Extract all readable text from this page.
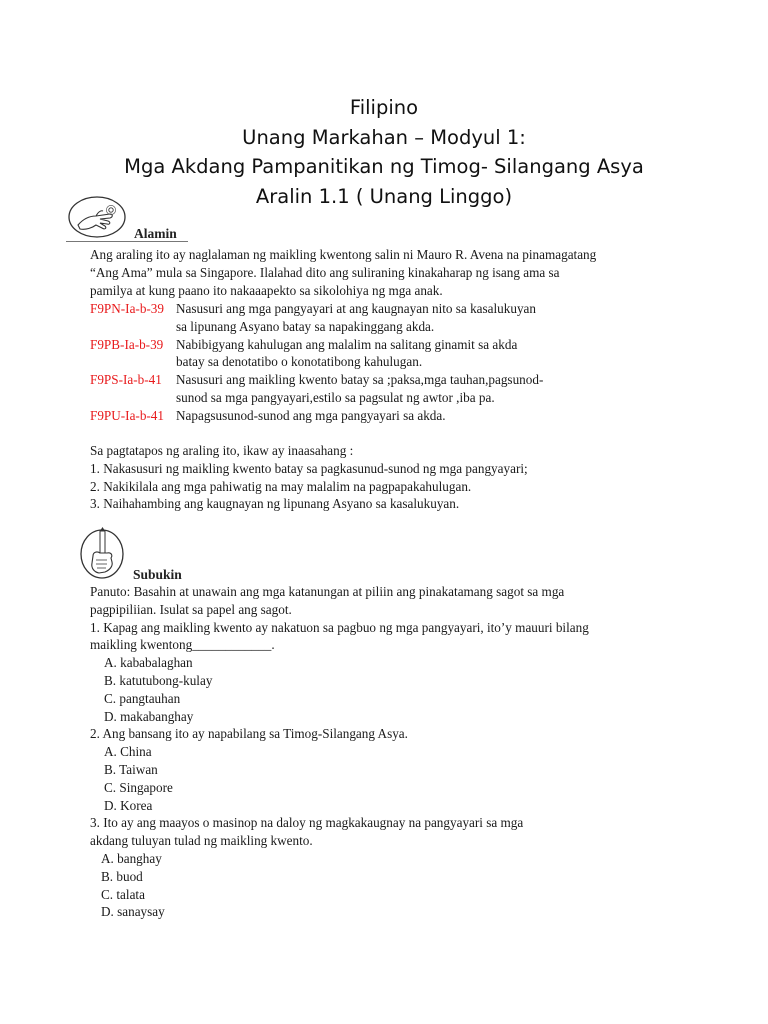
Filipino
Unang Markahan – Modyul 1:
Mga Akdang Pampanitikan ng Timog- Silangang Asya
Aralin 1.1 ( Unang Linggo)
Alamin
Ang araling ito ay naglalaman ng maikling kwentong salin ni Mauro R. Avena na pinamagatang
“Ang Ama” mula sa Singapore. Ilalahad dito ang suliraning kinakaharap ng isang ama sa
pamilya at kung paano ito nakaaapekto sa sikolohiya ng mga anak.
F9PN-Ia-b-39 Nasusuri ang mga pangyayari at ang kaugnayan nito sa kasalukuyan
sa lipunang Asyano batay sa napakinggang akda.
F9PB-Ia-b-39 Nabibigyang kahulugan ang malalim na salitang ginamit sa akda
batay sa denotatibo o konotatibong kahulugan.
F9PS-Ia-b-41	Nasusuri ang maikling kwento batay sa ;paksa,mga tauhan,pagsunod-
sunod sa mga pangyayari,estilo sa pagsulat ng awtor ,iba pa.
F9PU-Ia-b-41 Napagsusunod-sunod ang mga pangyayari sa akda.
Sa pagtatapos ng araling ito, ikaw ay inaasahang :
1. Nakasusuri ng maikling kwento batay sa pagkasunud-sunod ng mga pangyayari;
2. Nakikilala ang mga pahiwatig na may malalim na pagpapakahulugan.
3. Naihahambing ang kaugnayan ng lipunang Asyano sa kasalukuyan.
Subukin
Panuto: Basahin at unawain ang mga katanungan at piliin ang pinakatamang sagot sa mga
pagpipiliian. Isulat sa papel ang sagot.
1. Kapag ang maikling kwento ay nakatuon sa pagbuo ng mga pangyayari, ito’y mauuri bilang
maikling kwentong____________.
A. kababalaghan
B. katutubong-kulay
C. pangtauhan
D. makabanghay
2. Ang bansang ito ay napabilang sa Timog-Silangang Asya.
A. China
B. Taiwan
C. Singapore
D. Korea
3. Ito ay ang maayos o masinop na daloy ng magkakaugnay na pangyayari sa mga
akdang tuluyan tulad ng maikling kwento.
A. banghay
B. buod
C. talata
D. sanaysay
